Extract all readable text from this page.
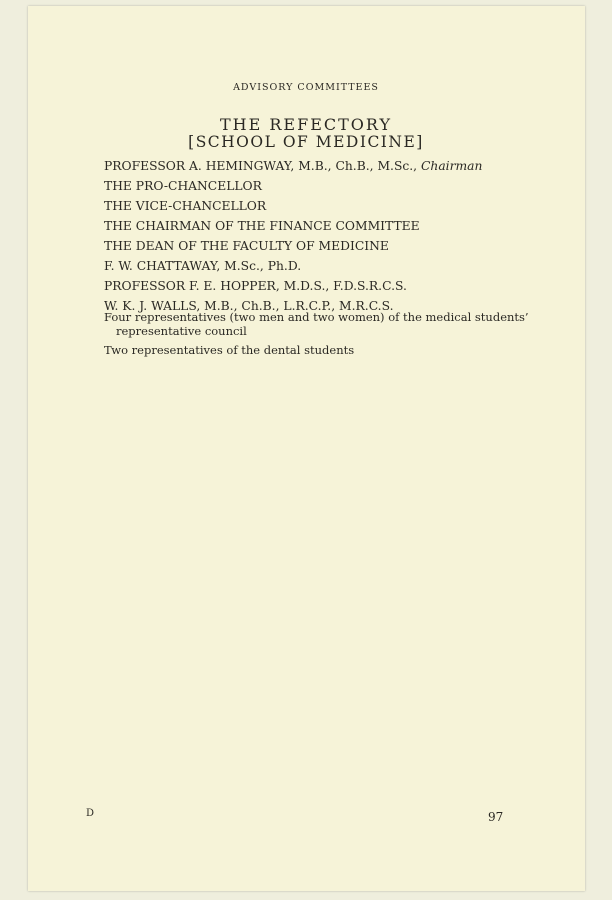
ADVISORY COMMITTEES
THE REFECTORY
[SCHOOL OF MEDICINE]
PROFESSOR A. HEMINGWAY, M.B., Ch.B., M.Sc., Chairman
THE PRO-CHANCELLOR
THE VICE-CHANCELLOR
THE CHAIRMAN OF THE FINANCE COMMITTEE
THE DEAN OF THE FACULTY OF MEDICINE
F. W. CHATTAWAY, M.Sc., Ph.D.
PROFESSOR F. E. HOPPER, M.D.S., F.D.S.R.C.S.
W. K. J. WALLS, M.B., Ch.B., L.R.C.P., M.R.C.S.
Four representatives (two men and two women) of the medical students’ representative council
Two representatives of the dental students
D	97
